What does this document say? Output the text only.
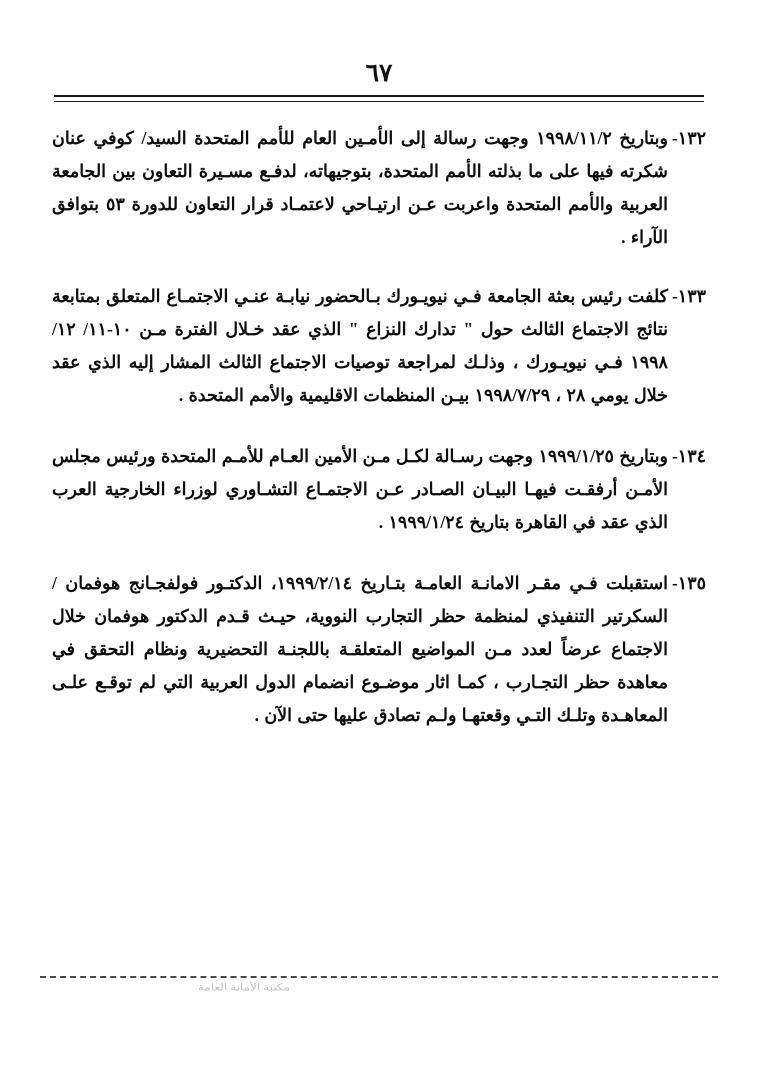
٦٧
١٣٢-
وبتاريخ ١٩٩٨/١١/٢ وجهت رسالة إلى الأمـين العام للأمم المتحدة السيد/ كوفي عنان شكرته فيها على ما بذلته الأمم المتحدة، بتوجيهاته، لدفـع مسـيرة التعاون بين الجامعة العربية والأمم المتحدة واعربت عـن ارتيـاحي لاعتمـاد قرار التعاون للدورة ٥٣ بتوافق الآراء .
١٣٣-
كلفت رئيس بعثة الجامعة فـي نيويـورك بـالحضور نيابـة عنـي الاجتمـاع المتعلق بمتابعة نتائج الاجتماع الثالث حول " تدارك النزاع " الذي عقد خـلال الفترة مـن ١٠-١١/ ١٢/ ١٩٩٨ فـي نيويـورك ، وذلـك لمراجعة توصيات الاجتماع الثالث المشار إليه الذي عقد خلال يومي ٢٨ ، ١٩٩٨/٧/٢٩ بيـن المنظمات الاقليمية والأمم المتحدة .
١٣٤-
وبتاريخ ١٩٩٩/١/٢٥ وجهت رسـالة لكـل مـن الأمين العـام للأمـم المتحدة ورئيس مجلس الأمـن أرفقـت فيهـا البيـان الصـادر عـن الاجتمـاع التشـاوري لوزراء الخارجية العرب الذي عقد في القاهرة بتاريخ ١٩٩٩/١/٢٤ .
١٣٥-
استقبلت فـي مقـر الامانـة العامـة بتـاريخ ١٩٩٩/٢/١٤، الدكتـور فولفجـانج هوفمان / السكرتير التنفيذي لمنظمة حظر التجارب النووية، حيـث قـدم الدكتور هوفمان خلال الاجتماع عرضاً لعدد مـن المواضيع المتعلقـة باللجنـة التحضيرية ونظام التحقق في معاهدة حظر التجـارب ، كمـا اثار موضـوع انضمام الدول العربية التي لم توقـع علـى المعاهـدة وتلـك التـي وقعتهـا ولـم تصادق عليها حتى الآن .
مكتبة الأمانة العامة
